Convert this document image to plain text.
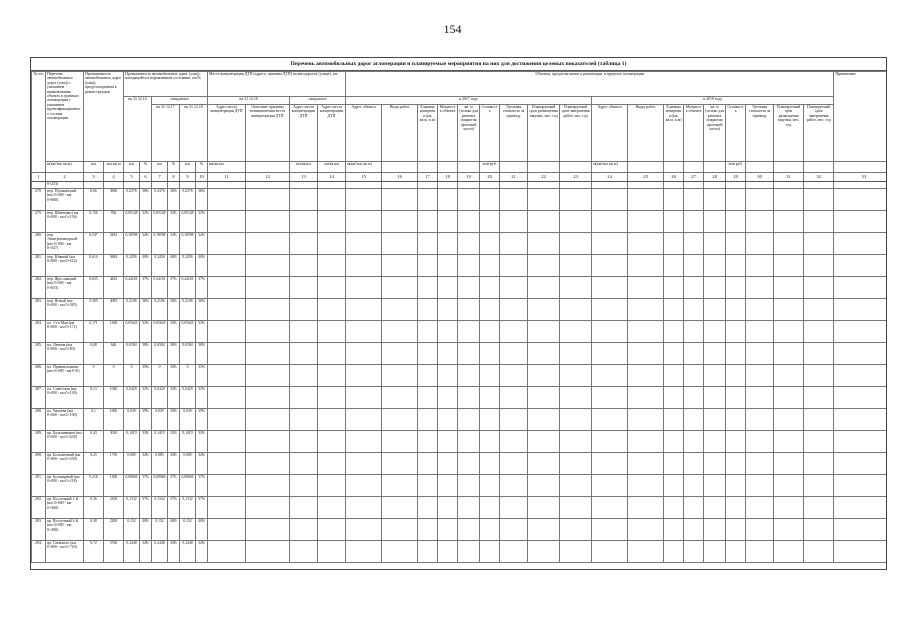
154
Перечень автомобильных дорог агломерации и планируемые мероприятия на них для достижения целевых показателей (таблица 1)
№ п/п	Перечень автомобильных дорог (улиц) с указанием наименования объекта в границах агломерации с указанием идентификационного состава агломерации	Протяженность автомобильных дорог (улиц), предусмотренная к реконструкции		Протяженность автомобильных дорог (улиц), находящейся в нормативном состоянии, км/%						Места концентрации ДТП (адреса, причина ДТП) на автодорогах (улице), шт.				Объекты, предполагаемые к реализации, в пределах агломерации																		Примечание
				на 31.12.16		ожидаемое				на 31.12.16		ожидаемое		в 2017 году									в 2018 году									
						на 31.12.17		на 31.12.18		Адрес места концентрации ДТП	Описание причины возникновения места концентрации ДТП	Адрес места концентрации ДТП	Адрес места концентрации ДТП	Адрес объекта	Виды работ	Единица измерения (км, кв.м, п.м)	Мощность объекта	кв. м (только для ремонта покрытия проезжей части)	Стоимость	Удельная стоимость за единицу	Планируемый срок размещения закупки, мес. год	Планируемый срок завершения работ, мес. год	Адрес объекта	Виды работ	Единица измерения (км, кв.м, п.м)	Мощность объекта	кв. м (только для ремонта покрытия проезжей части)	Стоимость	Удельная стоимость за единицу	Планируемый срок размещения закупки, мес. год	Планируемый срок завершения работ, мес. год	
	м(км/тыс кв.м)	км	тыс.кв.м	км	%	км	%	км	%	км/кв.км		км/кв.км	км/кв.км	м(км/тыс кв.м)					млн руб.				м(км/тыс кв.м)					млн руб.				
1	2	3	4	5	6	7	8	9	10	11	12	13	14	15	16	17	18	19	20	21	22	23	24	25	26	27	28	29	30	31	32	33
	0+253)																															
278.	пер. Пушкинский (км 0+000 - км 0+660)	0,66	3960	0,2376	36%	0,2376	36%	0,2376	36%																							
279.	пер. Шевченко (км 0+000 - км 0+156)	0,156	936	0,05148	33%	0,05148	33%	0,05148	33%																							
280.	пер. Электрозаводской (км 0+000 - км 0+547)	0,547	3282	0,18598	34%	0,18598	34%	0,18598	34%																							
281.	пер. Южный (км 0+000 - км 0+614)	0,614	3684	0,2456	40%	0,2456	40%	0,2456	40%																							
282.	пер. Ярославский (км 0+000 - км 0+653)	0,653	4443	0,24161	37%	0,24161	37%	0,24161	37%																							
283.	пер. Ясный (км 0+000 - км 0+585)	0,585	4095	0,2106	36%	0,2106	36%	0,2106	36%																							
284.	пл. 1-го Мая (км 0+000 - км 0+171)	0,171	1368	0,05643	33%	0,05643	33%	0,05643	33%																							
285.	пл. Ленина (км 0+000 - км 0+80)	0,08	640	0,0304	38%	0,0304	38%	0,0304	38%																							
286.	пл. Привокзальная (км 0+000 - км 0+0)	0	0	0	35%	0	35%	0	35%																							
287.	пл. Советская (км 0+000 - км 0+130)	0,13	1040	0,0429	33%	0,0429	33%	0,0429	33%																							
288.	пл. Чапаева (км 0+000 - км 0+100)	0,1	1000	0,039	39%	0,039	39%	0,039	39%																							
289.	пр. Большевиков (км 0+000 - км 0+430)	0,43	3010	0,1419	33%	0,1419	33%	0,1419	33%																							
290.	пр. Больничный (км 0+000 - км 0+250)	0,25	1750	0,085	34%	0,085	34%	0,085	34%																							
291.	пр. Бульварный (км 0+000 - км 0+218)	0,218	1308	0,08066	37%	0,08066	37%	0,08066	37%																							
292.	пр. Восточный 1-й (км 0+000 - км 0+360)	0,36	2160	0,1332	37%	0,1332	37%	0,1332	37%																							
293.	пр. Восточный 2-й (км 0+000 - км 0+380)	0,38	2280	0,152	40%	0,152	40%	0,152	40%																							
294.	пр. Гаевского (км 0+000 - км 0+720)	0,72	5760	0,2448	34%	0,2448	34%	0,2448	34%																							
